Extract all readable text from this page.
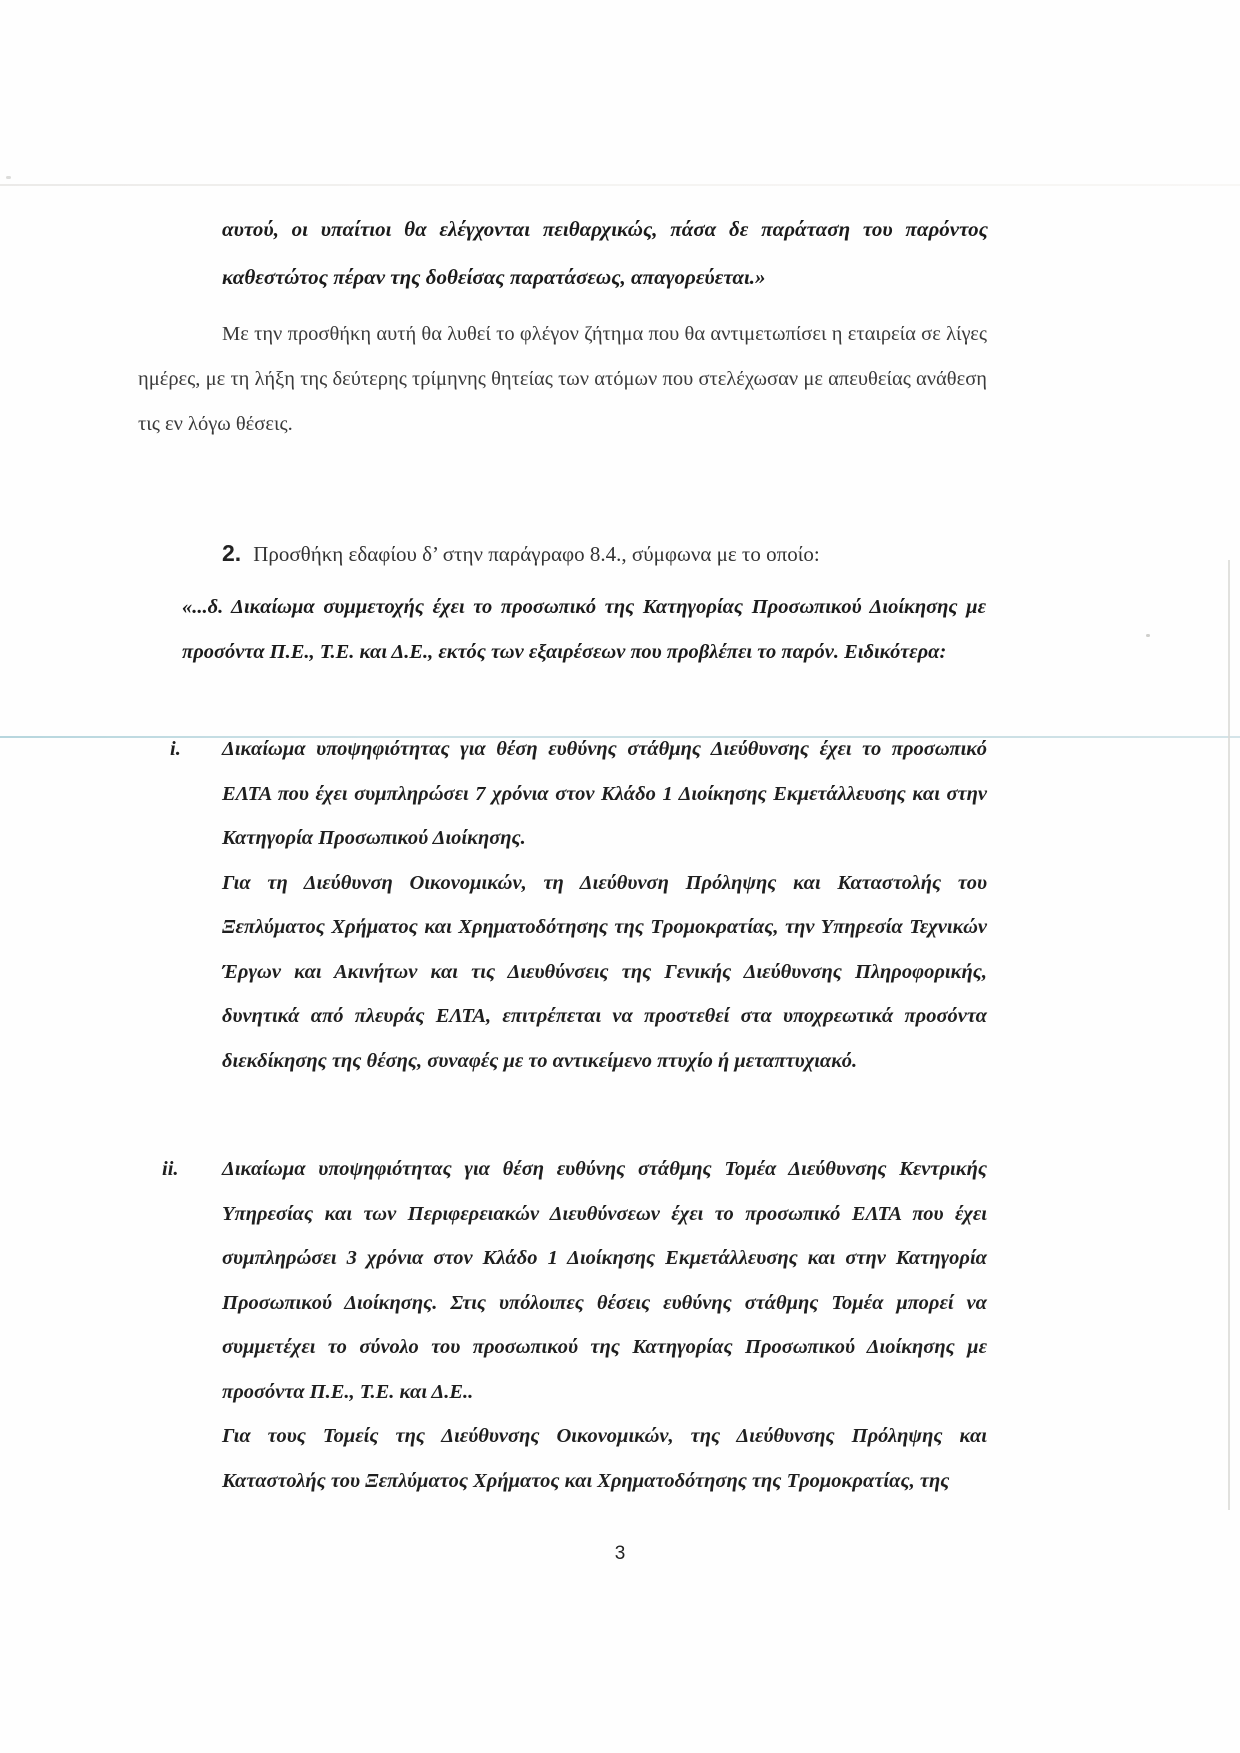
αυτού, οι υπαίτιοι θα ελέγχονται πειθαρχικώς, πάσα δε παράταση του παρόντος καθεστώτος πέραν της δοθείσας παρατάσεως, απαγορεύεται.»

Με την προσθήκη αυτή θα λυθεί το φλέγον ζήτημα που θα αντιμετωπίσει η εταιρεία σε λίγες ημέρες, με τη λήξη της δεύτερης τρίμηνης θητείας των ατόμων που στελέχωσαν με απευθείας ανάθεση τις εν λόγω θέσεις.

2. Προσθήκη εδαφίου δ’ στην παράγραφο 8.4., σύμφωνα με το οποίο:

«...δ. Δικαίωμα συμμετοχής έχει το προσωπικό της Κατηγορίας Προσωπικού Διοίκησης με προσόντα Π.Ε., Τ.Ε. και Δ.Ε., εκτός των εξαιρέσεων που προβλέπει το παρόν. Ειδικότερα:

i. Δικαίωμα υποψηφιότητας για θέση ευθύνης στάθμης Διεύθυνσης έχει το προσωπικό ΕΛΤΑ που έχει συμπληρώσει 7 χρόνια στον Κλάδο 1 Διοίκησης Εκμετάλλευσης και στην Κατηγορία Προσωπικού Διοίκησης.

Για τη Διεύθυνση Οικονομικών, τη Διεύθυνση Πρόληψης και Καταστολής του Ξεπλύματος Χρήματος και Χρηματοδότησης της Τρομοκρατίας, την Υπηρεσία Τεχνικών Έργων και Ακινήτων και τις Διευθύνσεις της Γενικής Διεύθυνσης Πληροφορικής, δυνητικά από πλευράς ΕΛΤΑ, επιτρέπεται να προστεθεί στα υποχρεωτικά προσόντα διεκδίκησης της θέσης, συναφές με το αντικείμενο πτυχίο ή μεταπτυχιακό.

ii. Δικαίωμα υποψηφιότητας για θέση ευθύνης στάθμης Τομέα Διεύθυνσης Κεντρικής Υπηρεσίας και των Περιφερειακών Διευθύνσεων έχει το προσωπικό ΕΛΤΑ που έχει συμπληρώσει 3 χρόνια στον Κλάδο 1 Διοίκησης Εκμετάλλευσης και στην Κατηγορία Προσωπικού Διοίκησης. Στις υπόλοιπες θέσεις ευθύνης στάθμης Τομέα μπορεί να συμμετέχει το σύνολο του προσωπικού της Κατηγορίας Προσωπικού Διοίκησης με προσόντα Π.Ε., Τ.Ε. και Δ.Ε..

Για τους Τομείς της Διεύθυνσης Οικονομικών, της Διεύθυνσης Πρόληψης και Καταστολής του Ξεπλύματος Χρήματος και Χρηματοδότησης της Τρομοκρατίας, της

3
